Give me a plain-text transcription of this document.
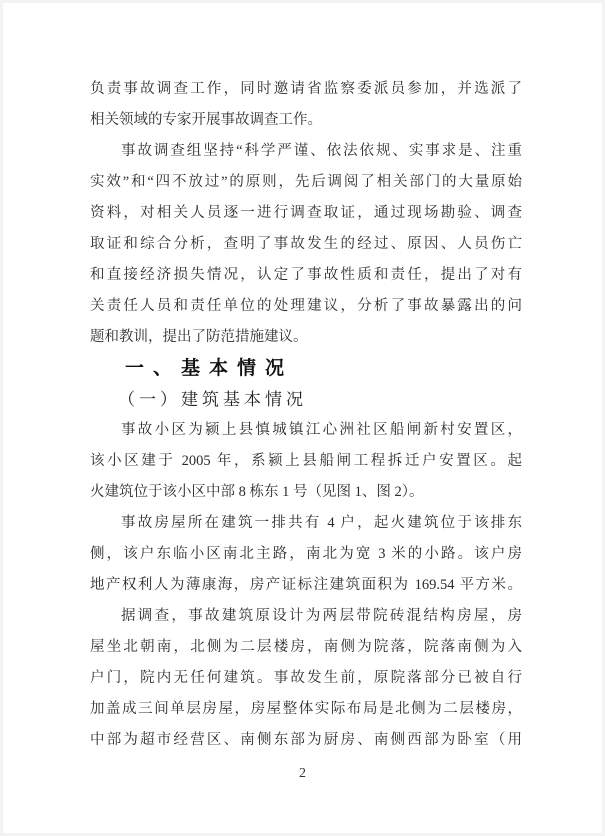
负责事故调查工作，同时邀请省监察委派员参加，并选派了
相关领域的专家开展事故调查工作。
事故调查组坚持“科学严谨、依法依规、实事求是、注重
实效”和“四不放过”的原则，先后调阅了相关部门的大量原始
资料，对相关人员逐一进行调查取证，通过现场勘验、调查
取证和综合分析，查明了事故发生的经过、原因、人员伤亡
和直接经济损失情况，认定了事故性质和责任，提出了对有
关责任人员和责任单位的处理建议，分析了事故暴露出的问
题和教训，提出了防范措施建议。
一、基本情况
（一）建筑基本情况
事故小区为颍上县慎城镇江心洲社区船闸新村安置区，
该小区建于 2005 年，系颍上县船闸工程拆迁户安置区。起
火建筑位于该小区中部 8 栋东 1 号（见图 1、图 2）。
事故房屋所在建筑一排共有 4 户，起火建筑位于该排东
侧，该户东临小区南北主路，南北为宽 3 米的小路。该户房
地产权利人为薄康海，房产证标注建筑面积为 169.54 平方米。
据调查，事故建筑原设计为两层带院砖混结构房屋，房
屋坐北朝南，北侧为二层楼房，南侧为院落，院落南侧为入
户门，院内无任何建筑。事故发生前，原院落部分已被自行
加盖成三间单层房屋，房屋整体实际布局是北侧为二层楼房，
中部为超市经营区、南侧东部为厨房、南侧西部为卧室（用
2
